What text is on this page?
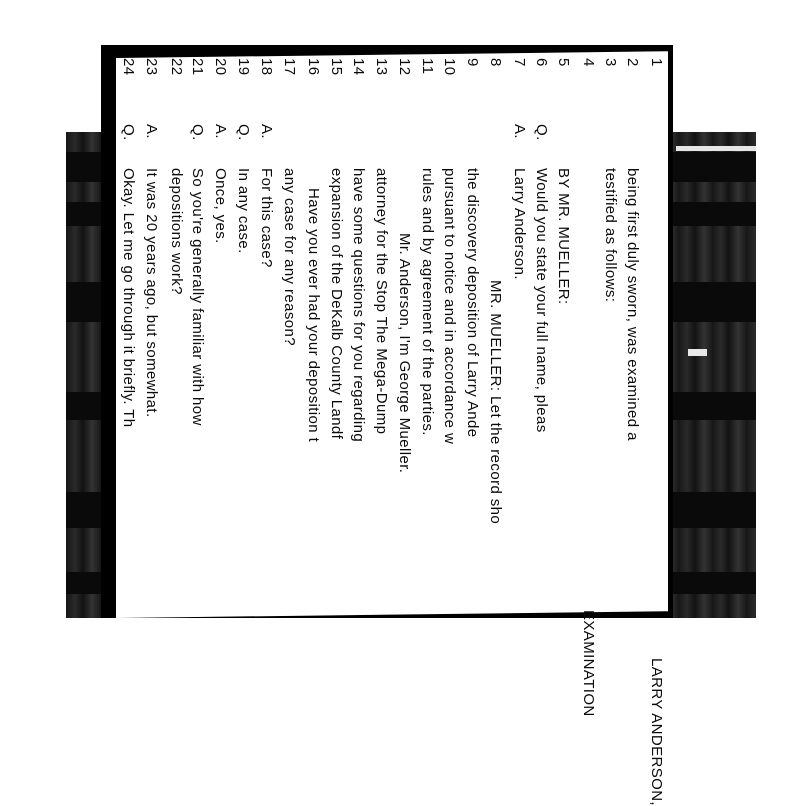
1
LARRY ANDERSON,
2
being first duly sworn, was examined a
3
testified as follows:
4
EXAMINATION
5
BY MR. MUELLER:
6
Q.
Would you state your full name, pleas
7
A.
Larry Anderson.
8
MR. MUELLER: Let the record sho
9
the discovery deposition of Larry Ande
10
pursuant to notice and in accordance w
11
rules and by agreement of the parties.
12
Mr. Anderson, I'm George Mueller.
13
attorney for the Stop The Mega-Dump
14
have some questions for you regarding
15
expansion of the DeKalb County Landf
16
Have you ever had your deposition t
17
any case for any reason?
18
A.
For this case?
19
Q.
In any case.
20
A.
Once, yes.
21
Q.
So you're generally familiar with how
22
depositions work?
23
A.
It was 20 years ago, but somewhat.
24
Q.
Okay. Let me go through it briefly. Th
